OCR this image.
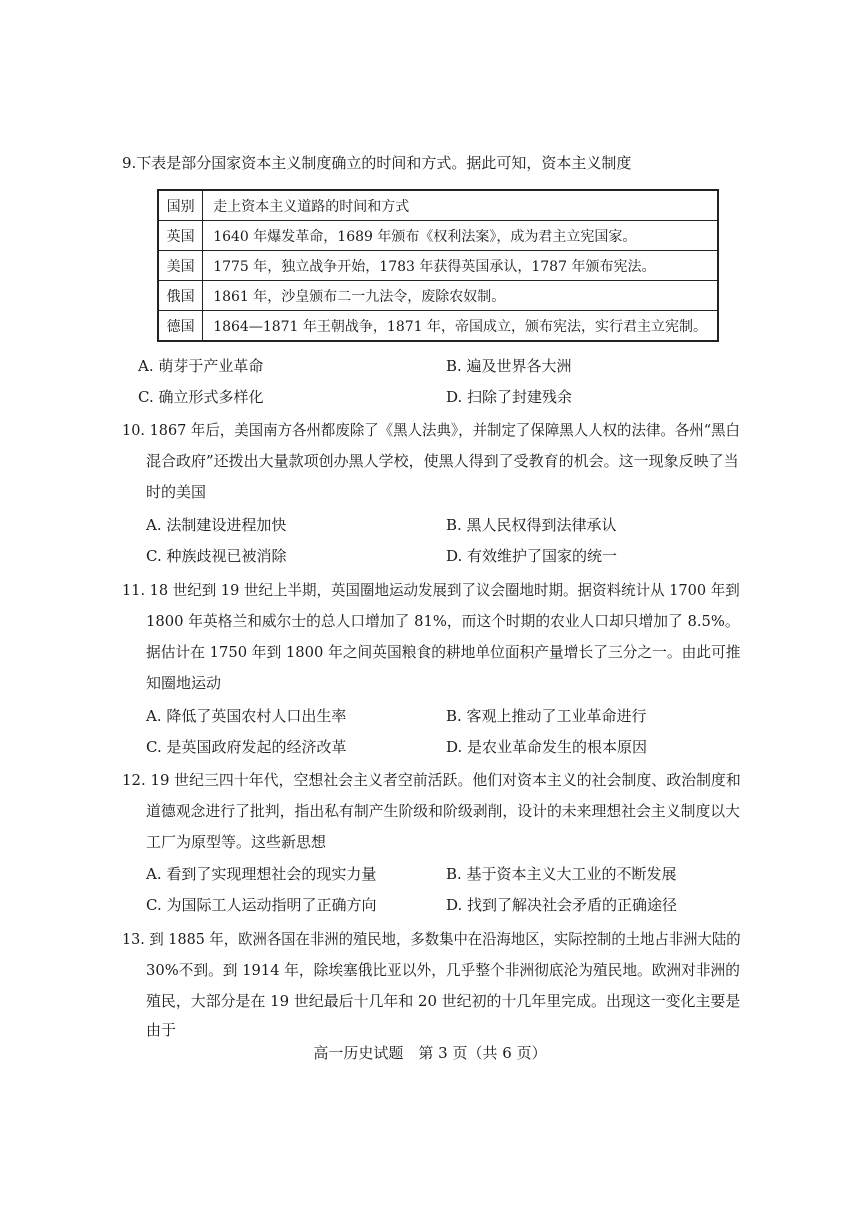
9.下表是部分国家资本主义制度确立的时间和方式。据此可知，资本主义制度
国别	走上资本主义道路的时间和方式
英国	1640 年爆发革命，1689 年颁布《权利法案》，成为君主立宪国家。
美国	1775 年，独立战争开始，1783 年获得英国承认，1787 年颁布宪法。
俄国	1861 年，沙皇颁布二一九法令，废除农奴制。
德国	1864—1871 年王朝战争，1871 年，帝国成立，颁布宪法，实行君主立宪制。
A. 萌芽于产业革命	B. 遍及世界各大洲
C. 确立形式多样化	D. 扫除了封建残余
10. 1867 年后，美国南方各州都废除了《黑人法典》，并制定了保障黑人人权的法律。各州“黑白
混合政府”还拨出大量款项创办黑人学校，使黑人得到了受教育的机会。这一现象反映了当
时的美国
A. 法制建设进程加快	B. 黑人民权得到法律承认
C. 种族歧视已被消除	D. 有效维护了国家的统一
11. 18 世纪到 19 世纪上半期，英国圈地运动发展到了议会圈地时期。据资料统计从 1700 年到
1800 年英格兰和威尔士的总人口增加了 81%，而这个时期的农业人口却只增加了 8.5%。
据估计在 1750 年到 1800 年之间英国粮食的耕地单位面积产量增长了三分之一。由此可推
知圈地运动
A. 降低了英国农村人口出生率	B. 客观上推动了工业革命进行
C. 是英国政府发起的经济改革	D. 是农业革命发生的根本原因
12. 19 世纪三四十年代，空想社会主义者空前活跃。他们对资本主义的社会制度、政治制度和
道德观念进行了批判，指出私有制产生阶级和阶级剥削，设计的未来理想社会主义制度以大
工厂为原型等。这些新思想
A. 看到了实现理想社会的现实力量	B. 基于资本主义大工业的不断发展
C. 为国际工人运动指明了正确方向	D. 找到了解决社会矛盾的正确途径
13. 到 1885 年，欧洲各国在非洲的殖民地，多数集中在沿海地区，实际控制的土地占非洲大陆的
30%不到。到 1914 年，除埃塞俄比亚以外，几乎整个非洲彻底沦为殖民地。欧洲对非洲的
殖民，大部分是在 19 世纪最后十几年和 20 世纪初的十几年里完成。出现这一变化主要是
由于
高一历史试题　第 3 页（共 6 页）
